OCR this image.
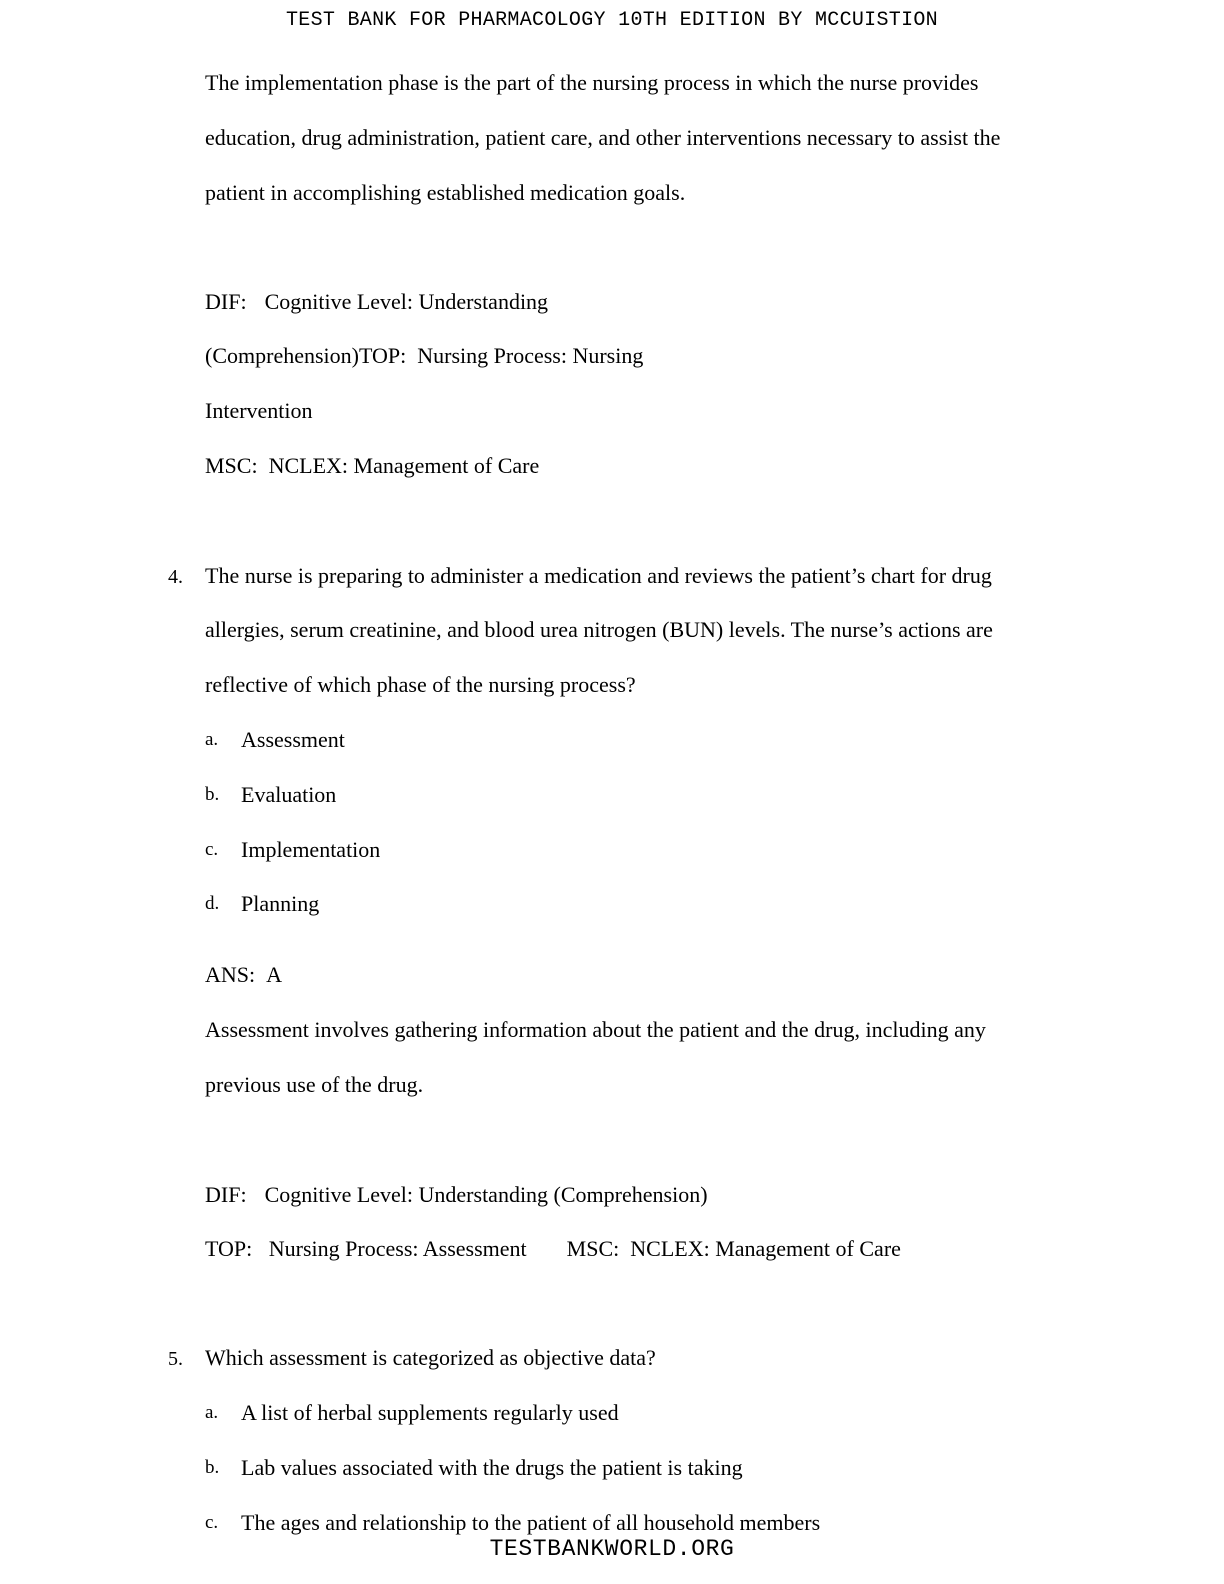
TEST BANK FOR PHARMACOLOGY 10TH EDITION BY MCCUISTION
The implementation phase is the part of the nursing process in which the nurse provides
education, drug administration, patient care, and other interventions necessary to assist the
patient in accomplishing established medication goals.
DIF: Cognitive Level: Understanding
(Comprehension)TOP: Nursing Process: Nursing
Intervention
MSC: NCLEX: Management of Care
4. The nurse is preparing to administer a medication and reviews the patient’s chart for drug
allergies, serum creatinine, and blood urea nitrogen (BUN) levels. The nurse’s actions are
reflective of which phase of the nursing process?
a. Assessment
b. Evaluation
c. Implementation
d. Planning
ANS: A
Assessment involves gathering information about the patient and the drug, including any
previous use of the drug.
DIF: Cognitive Level: Understanding (Comprehension)
TOP: Nursing Process: Assessment MSC: NCLEX: Management of Care
5. Which assessment is categorized as objective data?
a. A list of herbal supplements regularly used
b. Lab values associated with the drugs the patient is taking
c. The ages and relationship to the patient of all household members
TESTBANKWORLD.ORG
